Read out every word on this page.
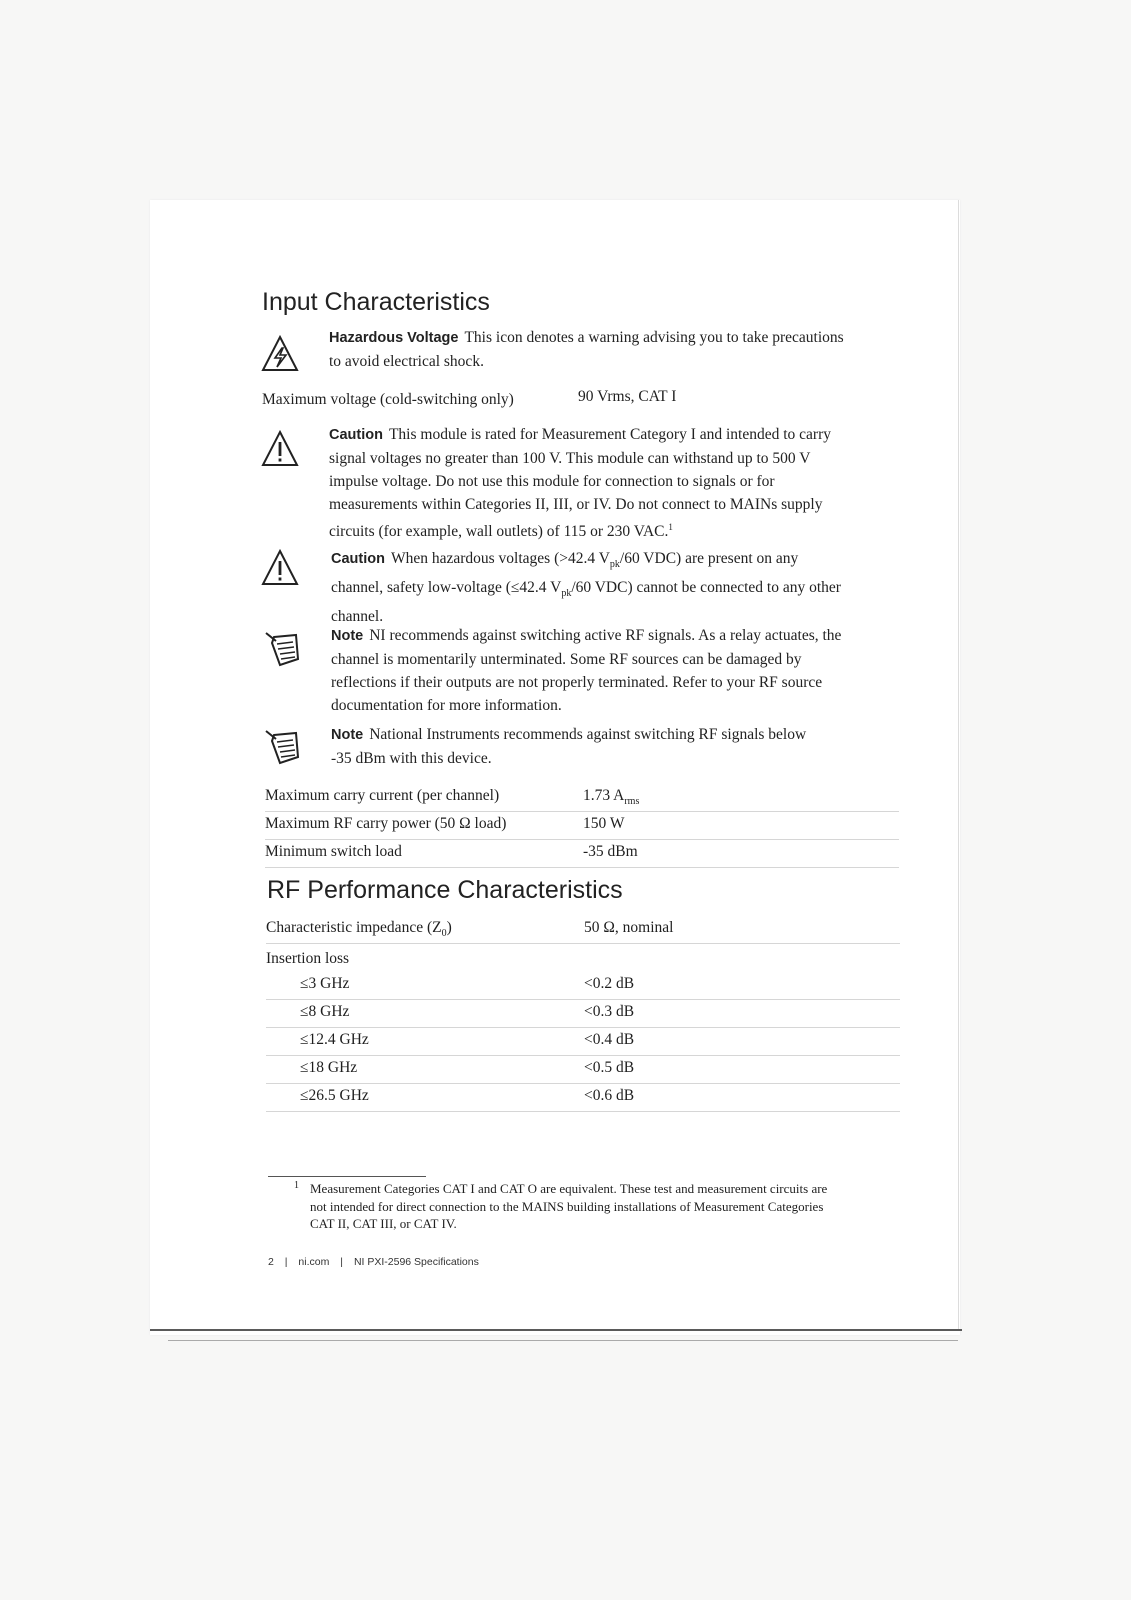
Input Characteristics
Hazardous Voltage This icon denotes a warning advising you to take precautions
to avoid electrical shock.
Maximum voltage (cold-switching only)	90 Vrms, CAT I
Caution This module is rated for Measurement Category I and intended to carry
signal voltages no greater than 100 V. This module can withstand up to 500 V
impulse voltage. Do not use this module for connection to signals or for
measurements within Categories II, III, or IV. Do not connect to MAINs supply
circuits (for example, wall outlets) of 115 or 230 VAC.$^1$
Caution When hazardous voltages (>42.4 $V_{pk}/60$ VDC) are present on any
channel, safety low-voltage (≤42.4 $V_{pk}/60$ VDC) cannot be connected to any other
channel.
Note NI recommends against switching active RF signals. As a relay actuates, the
channel is momentarily unterminated. Some RF sources can be damaged by
reflections if their outputs are not properly terminated. Refer to your RF source
documentation for more information.
Note National Instruments recommends against switching RF signals below
-35 dBm with this device.
Maximum carry current (per channel)	1.73 $A_{rms}$
Maximum RF carry power (50 Ω load)	150 W
Minimum switch load	-35 dBm
RF Performance Characteristics
Characteristic impedance $(Z_0)$	50 Ω, nominal
Insertion loss
≤3 GHz	<0.2 dB
≤8 GHz	<0.3 dB
≤12.4 GHz	<0.4 dB
≤18 GHz	<0.5 dB
≤26.5 GHz	<0.6 dB
1 Measurement Categories CAT I and CAT O are equivalent. These test and measurement circuits are
not intended for direct connection to the MAINS building installations of Measurement Categories
CAT II, CAT III, or CAT IV.
2 | ni.com | NI PXI-2596 Specifications
